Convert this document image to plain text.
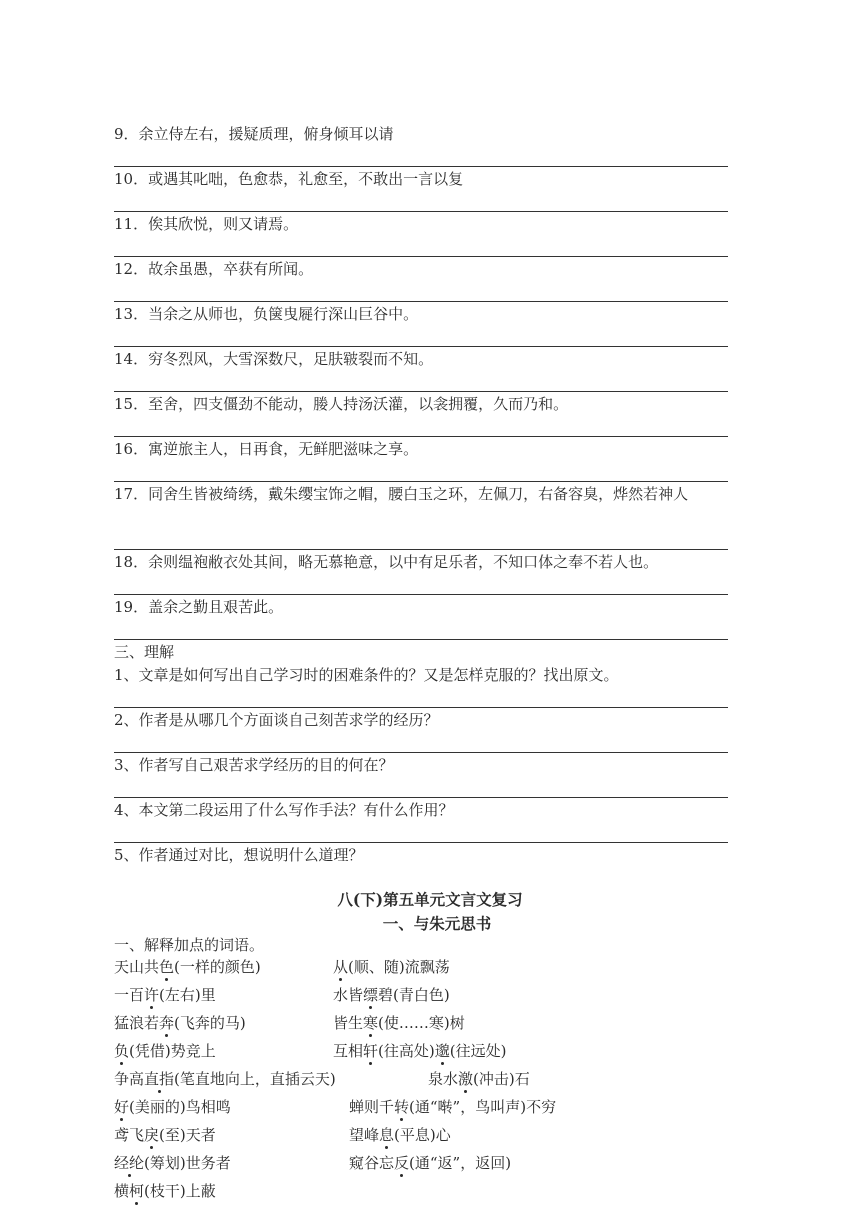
9．余立侍左右，援疑质理，俯身倾耳以请
10．或遇其叱咄，色愈恭，礼愈至，不敢出一言以复
11．俟其欣悦，则又请焉。
12．故余虽愚，卒获有所闻。
13．当余之从师也，负箧曳屣行深山巨谷中。
14．穷冬烈风，大雪深数尺，足肤皲裂而不知。
15．至舍，四支僵劲不能动，媵人持汤沃灌，以衾拥覆，久而乃和。
16．寓逆旅主人，日再食，无鲜肥滋味之享。
17．同舍生皆被绮绣，戴朱缨宝饰之帽，腰白玉之环，左佩刀，右备容臭，烨然若神人
18．余则缊袍敝衣处其间，略无慕艳意，以中有足乐者，不知口体之奉不若人也。
19．盖余之勤且艰苦此。
三、理解
1、文章是如何写出自己学习时的困难条件的？又是怎样克服的？找出原文。
2、作者是从哪几个方面谈自己刻苦求学的经历？
3、作者写自己艰苦求学经历的目的何在？
4、本文第二段运用了什么写作手法？有什么作用？
5、作者通过对比，想说明什么道理？
八(下)第五单元文言文复习
一、与朱元思书
一、解释加点的词语。
天山共色(一样的颜色)	从(顺、随)流飘荡
一百许(左右)里	水皆缥碧(青白色)
猛浪若奔(飞奔的马)	皆生寒(使……寒)树
负(凭借)势竞上	互相轩(往高处)邈(往远处)
争高直指(笔直地向上，直插云天)	泉水激(冲击)石
好(美丽的)鸟相鸣	蝉则千转(通“啭”，鸟叫声)不穷
鸢飞戾(至)天者	望峰息(平息)心
经纶(筹划)世务者	窥谷忘反(通“返”，返回)
横柯(枝干)上蔽
